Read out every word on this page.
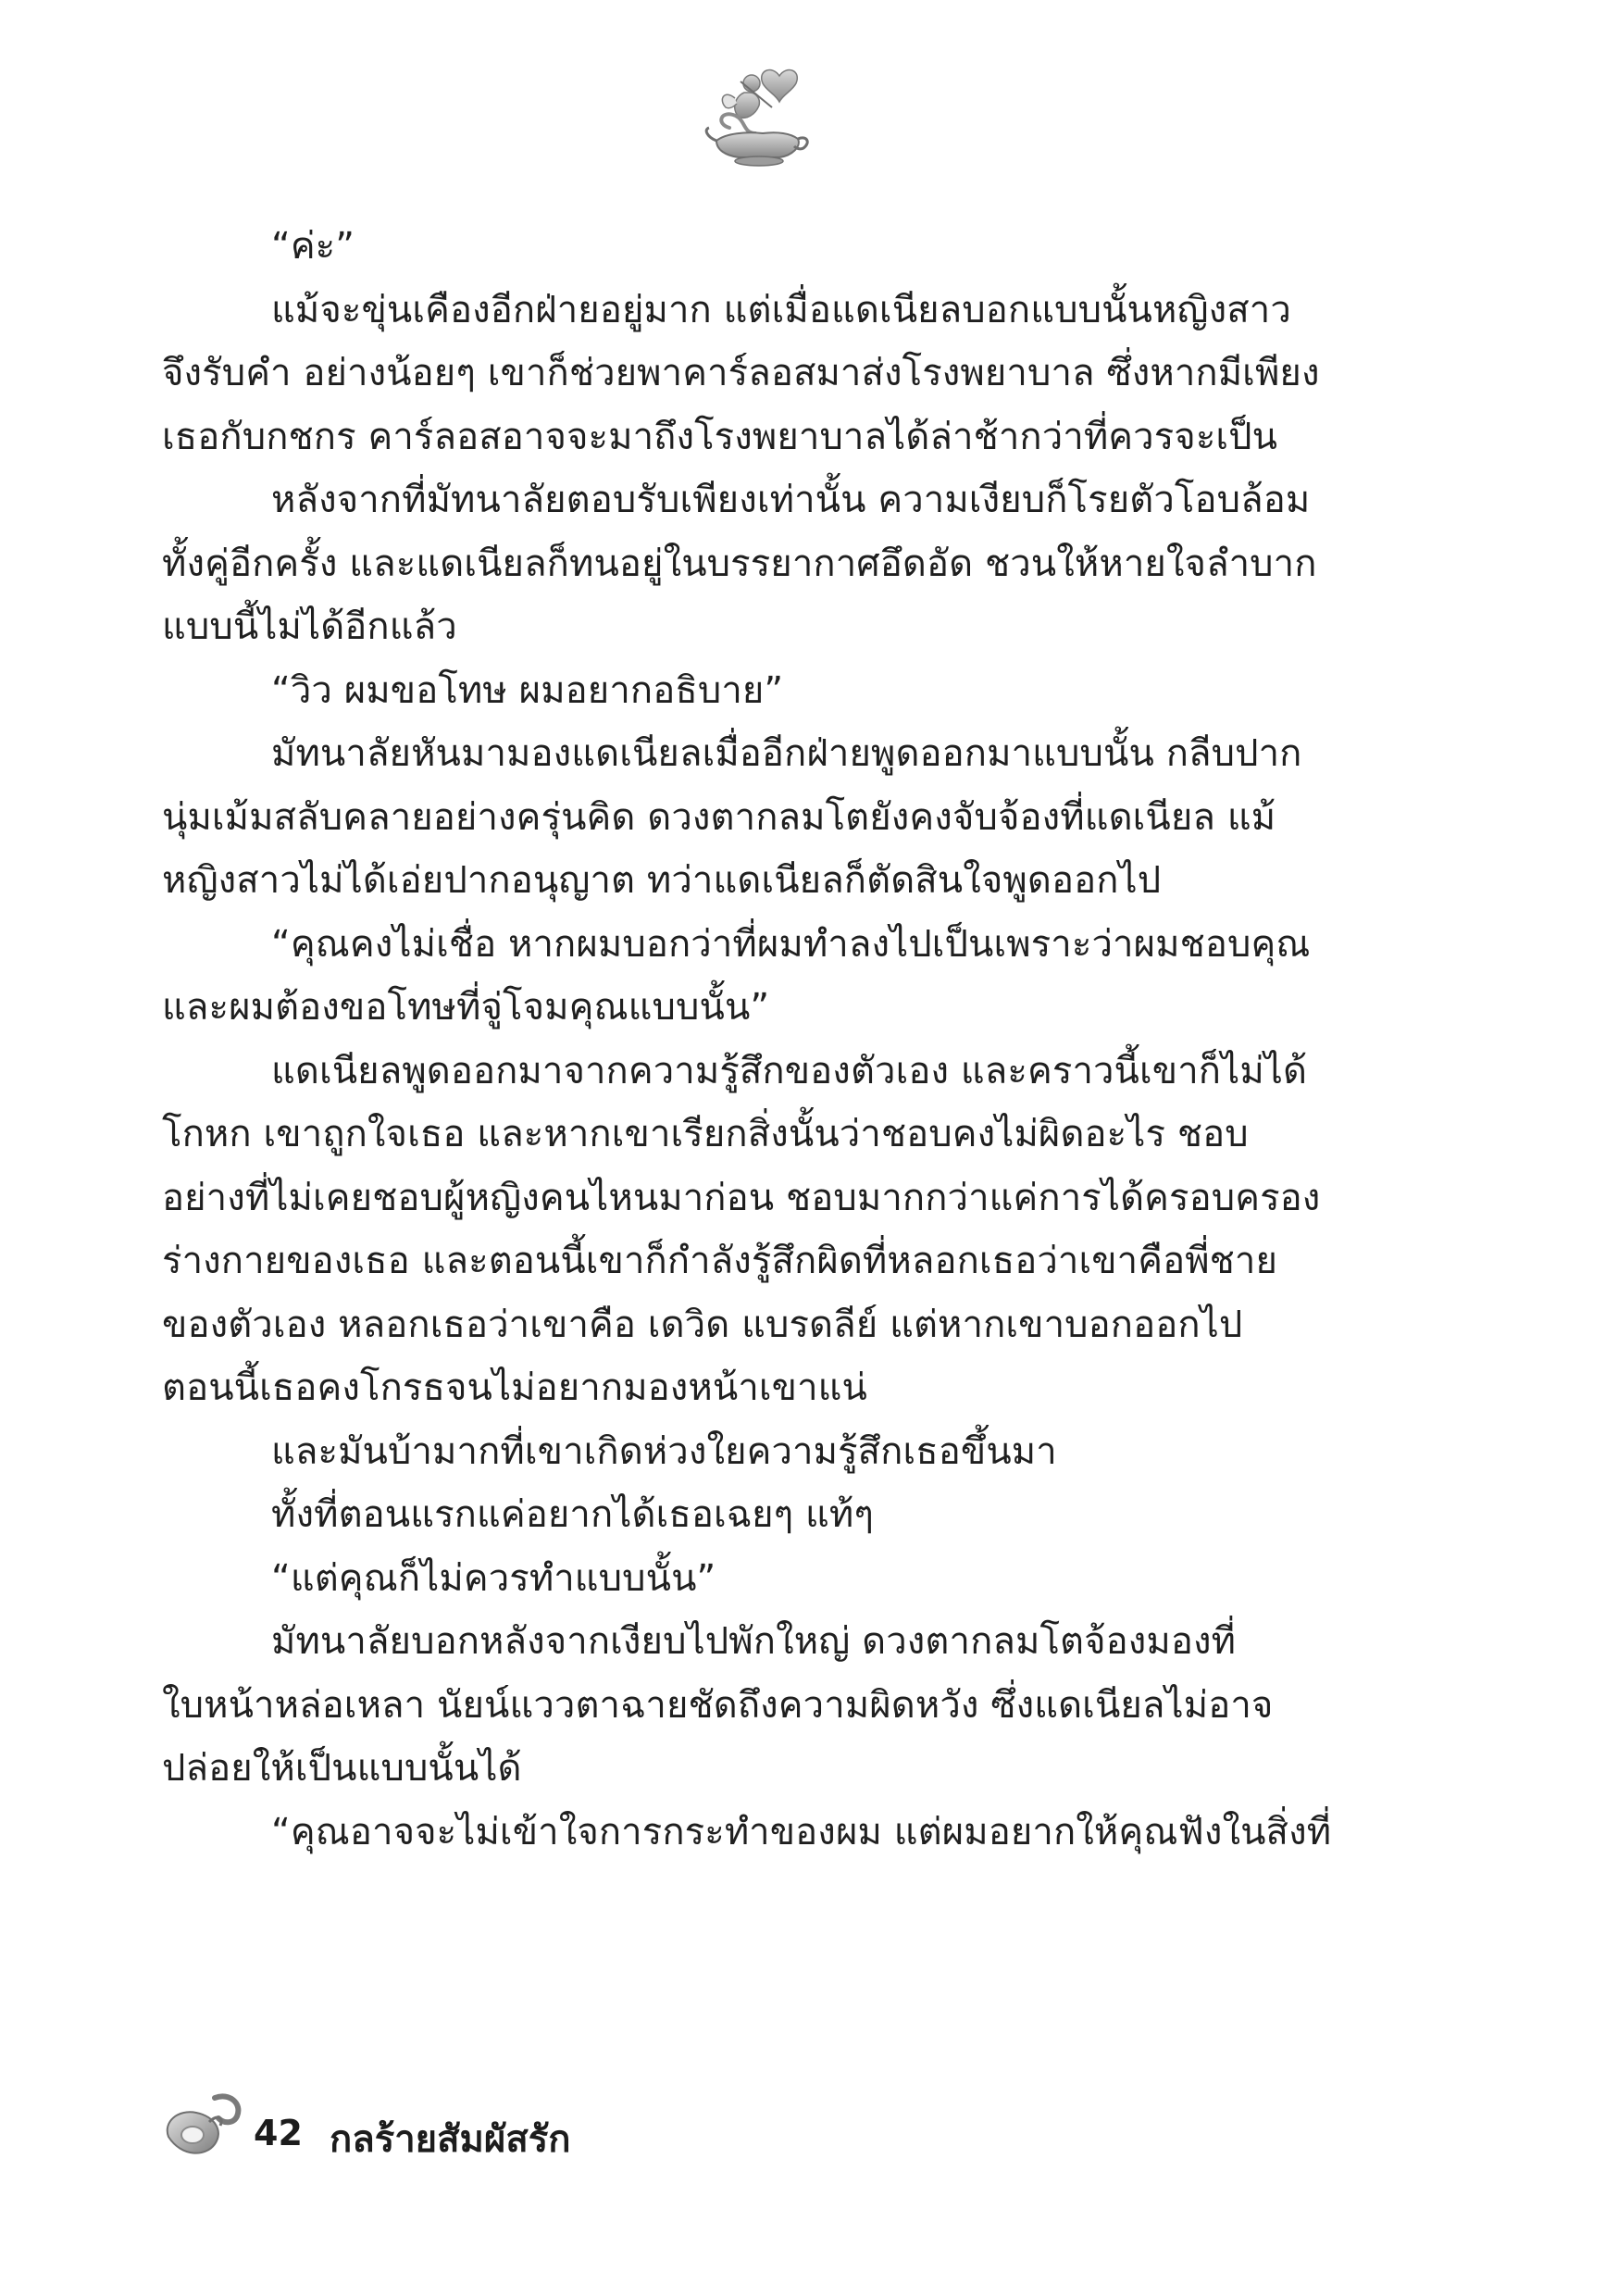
“ค่ะ”

แม้จะขุ่นเคืองอีกฝ่ายอยู่มาก แต่เมื่อแดเนียลบอกแบบนั้นหญิงสาว

จึงรับคำ อย่างน้อยๆ เขาก็ช่วยพาคาร์ลอสมาส่งโรงพยาบาล ซึ่งหากมีเพียง

เธอกับกชกร คาร์ลอสอาจจะมาถึงโรงพยาบาลได้ล่าช้ากว่าที่ควรจะเป็น

หลังจากที่มัทนาลัยตอบรับเพียงเท่านั้น ความเงียบก็โรยตัวโอบล้อม

ทั้งคู่อีกครั้ง และแดเนียลก็ทนอยู่ในบรรยากาศอึดอัด ชวนให้หายใจลำบาก

แบบนี้ไม่ได้อีกแล้ว

“วิว ผมขอโทษ ผมอยากอธิบาย”

มัทนาลัยหันมามองแดเนียลเมื่ออีกฝ่ายพูดออกมาแบบนั้น กลีบปาก

นุ่มเม้มสลับคลายอย่างครุ่นคิด ดวงตากลมโตยังคงจับจ้องที่แดเนียล แม้

หญิงสาวไม่ได้เอ่ยปากอนุญาต ทว่าแดเนียลก็ตัดสินใจพูดออกไป

“คุณคงไม่เชื่อ หากผมบอกว่าที่ผมทำลงไปเป็นเพราะว่าผมชอบคุณ

และผมต้องขอโทษที่จู่โจมคุณแบบนั้น”

แดเนียลพูดออกมาจากความรู้สึกของตัวเอง และคราวนี้เขาก็ไม่ได้

โกหก เขาถูกใจเธอ และหากเขาเรียกสิ่งนั้นว่าชอบคงไม่ผิดอะไร ชอบ

อย่างที่ไม่เคยชอบผู้หญิงคนไหนมาก่อน ชอบมากกว่าแค่การได้ครอบครอง

ร่างกายของเธอ และตอนนี้เขาก็กำลังรู้สึกผิดที่หลอกเธอว่าเขาคือพี่ชาย

ของตัวเอง หลอกเธอว่าเขาคือ เดวิด แบรดลีย์ แต่หากเขาบอกออกไป

ตอนนี้เธอคงโกรธจนไม่อยากมองหน้าเขาแน่

และมันบ้ามากที่เขาเกิดห่วงใยความรู้สึกเธอขึ้นมา

ทั้งที่ตอนแรกแค่อยากได้เธอเฉยๆ แท้ๆ

“แต่คุณก็ไม่ควรทำแบบนั้น”

มัทนาลัยบอกหลังจากเงียบไปพักใหญ่ ดวงตากลมโตจ้องมองที่

ใบหน้าหล่อเหลา นัยน์แววตาฉายชัดถึงความผิดหวัง ซึ่งแดเนียลไม่อาจ

ปล่อยให้เป็นแบบนั้นได้

“คุณอาจจะไม่เข้าใจการกระทำของผม แต่ผมอยากให้คุณฟังในสิ่งที่

42 กลร้ายสัมผัสรัก
